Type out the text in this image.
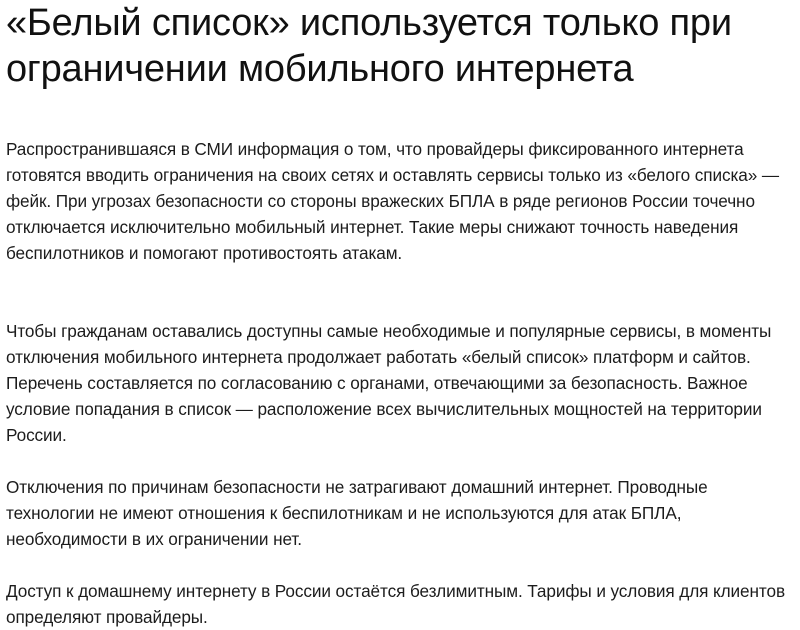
«Белый список» используется только при
ограничении мобильного интернета

Распространившаяся в СМИ информация о том, что провайдеры фиксированного интернета готовятся вводить ограничения на своих сетях и оставлять сервисы только из «белого списка» — фейк. При угрозах безопасности со стороны вражеских БПЛА в ряде регионов России точечно отключается исключительно мобильный интернет. Такие меры снижают точность наведения беспилотников и помогают противостоять атакам.

Чтобы гражданам оставались доступны самые необходимые и популярные сервисы, в моменты отключения мобильного интернета продолжает работать «белый список» платформ и сайтов. Перечень составляется по согласованию с органами, отвечающими за безопасность. Важное условие попадания в список — расположение всех вычислительных мощностей на территории России.

Отключения по причинам безопасности не затрагивают домашний интернет. Проводные технологии не имеют отношения к беспилотникам и не используются для атак БПЛА, необходимости в их ограничении нет.

Доступ к домашнему интернету в России остаётся безлимитным. Тарифы и условия для клиентов определяют провайдеры.
